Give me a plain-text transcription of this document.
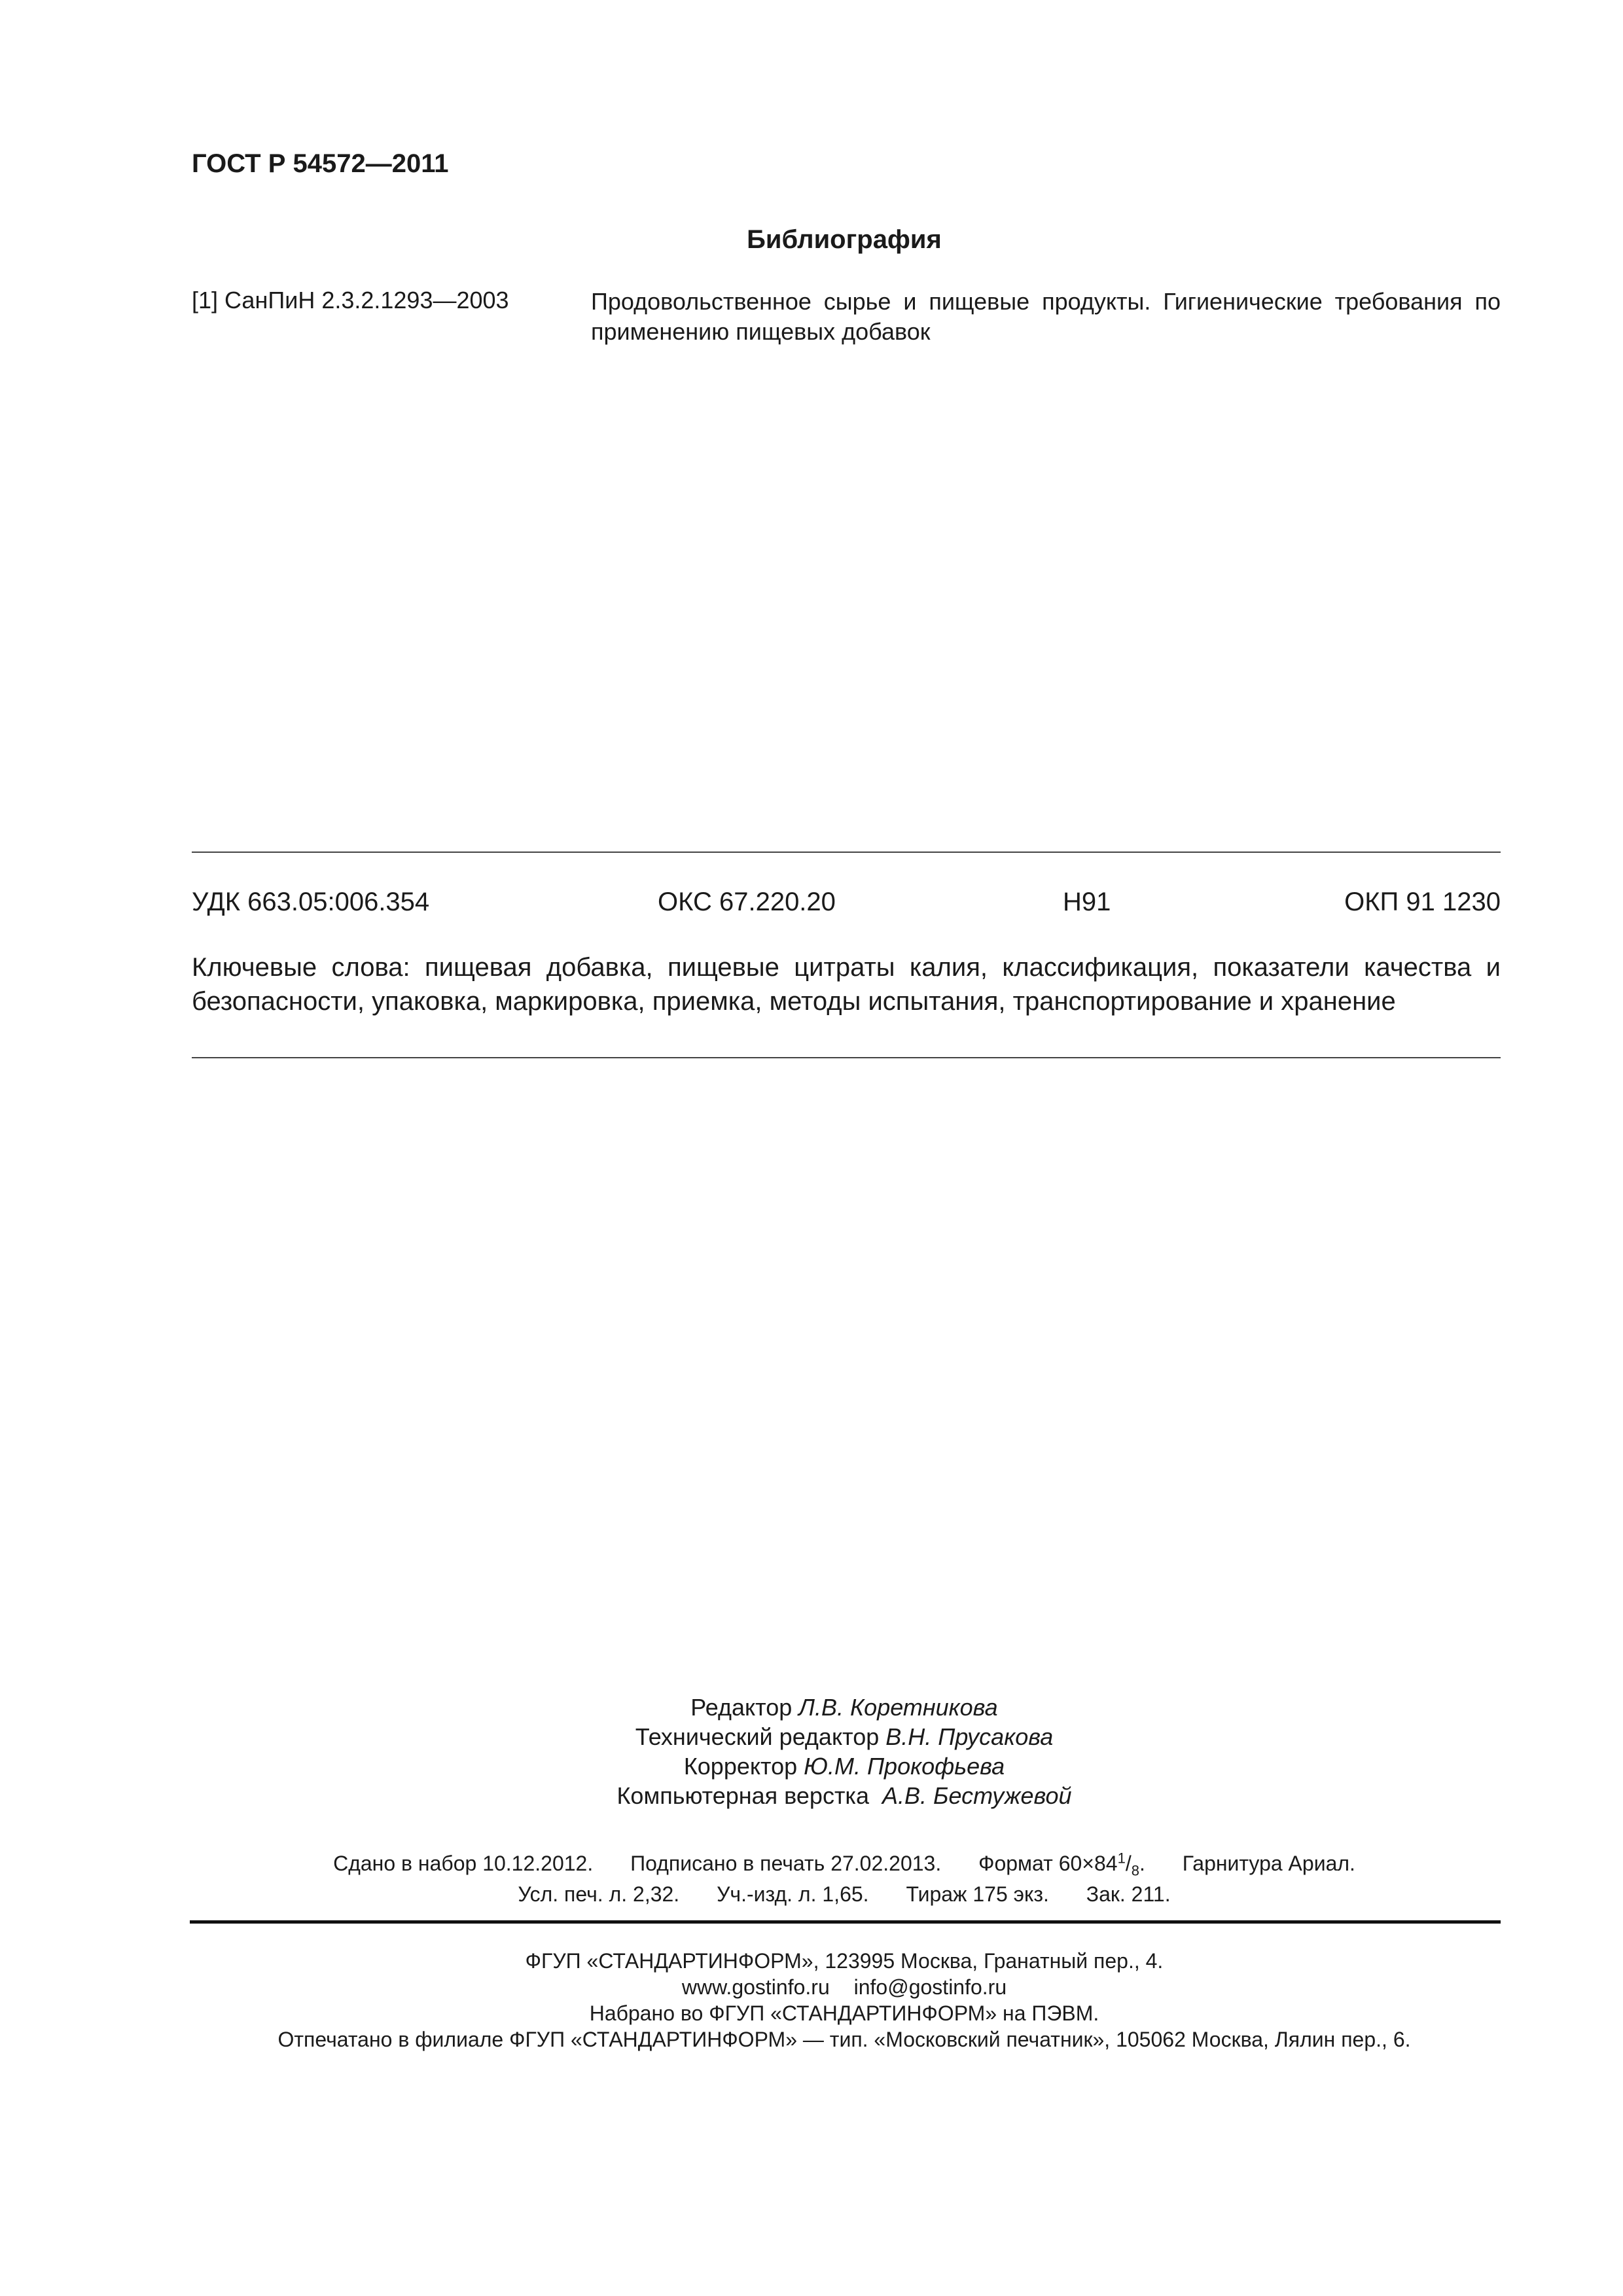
ГОСТ Р 54572—2011
Библиография
[1] СанПиН 2.3.2.1293—2003	Продовольственное сырье и пищевые продукты. Гигиенические требования по применению пищевых добавок
УДК 663.05:006.354	ОКС 67.220.20	Н91	ОКП 91 1230
Ключевые слова: пищевая добавка, пищевые цитраты калия, классификация, показатели качества и безопасности, упаковка, маркировка, приемка, методы испытания, транспортирование и хранение
Редактор Л.В. Коретникова
Технический редактор В.Н. Прусакова
Корректор Ю.М. Прокофьева
Компьютерная верстка А.В. Бестужевой
Сдано в набор 10.12.2012. Подписано в печать 27.02.2013. Формат $60\times 84^1/_8$. Гарнитура Ариал.
Усл. печ. л. 2,32. Уч.-изд. л. 1,65. Тираж 175 экз. Зак. 211.
ФГУП «СТАНДАРТИНФОРМ», 123995 Москва, Гранатный пер., 4.
www.gostinfo.ru info@gostinfo.ru
Набрано во ФГУП «СТАНДАРТИНФОРМ» на ПЭВМ.
Отпечатано в филиале ФГУП «СТАНДАРТИНФОРМ» — тип. «Московский печатник», 105062 Москва, Лялин пер., 6.
